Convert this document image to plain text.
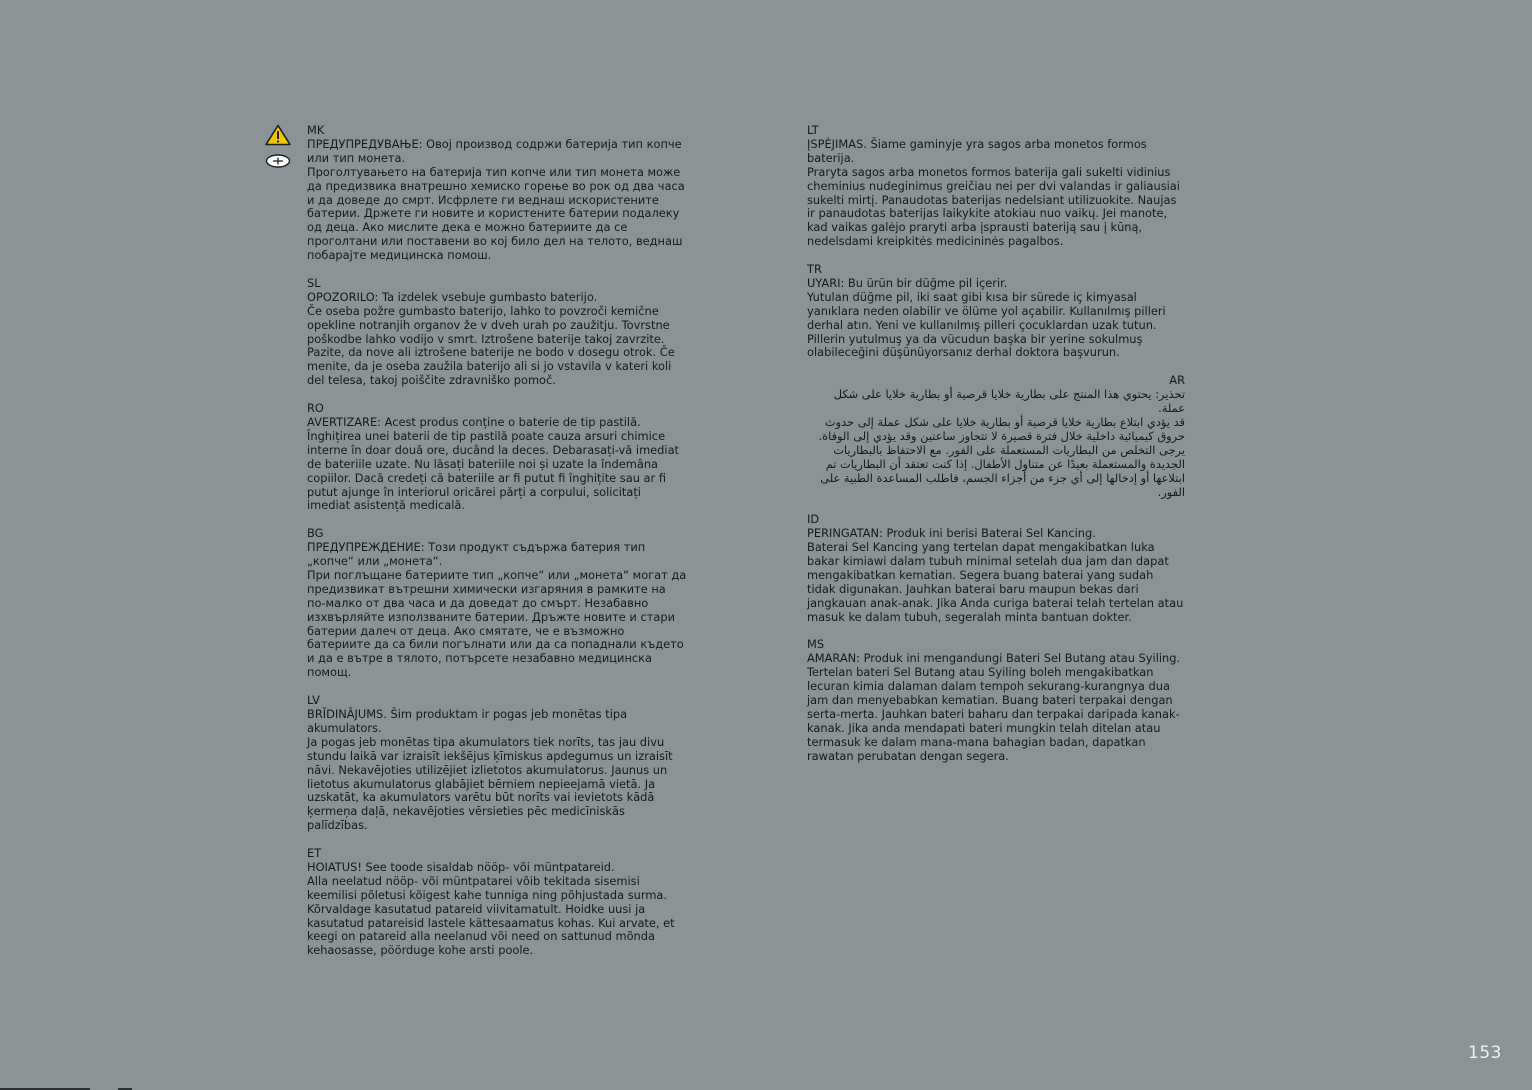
MK

ПРЕДУПРЕДУВАЊЕ: Овој производ содржи батерија тип копче или тип монета.

Проголтувањето на батерија тип копче или тип монета може да предизвика внатрешно хемиско горење во рок од два часа и да доведе до смрт. Исфрлете ги веднаш искористените батерии. Држете ги новите и користените батерии подалеку од деца. Ако мислите дека е можно батериите да се проголтани или поставени во кој било дел на телото, веднаш побарајте медицинска помош.

SL

OPOZORILO: Ta izdelek vsebuje gumbasto baterijo.

Če oseba požre gumbasto baterijo, lahko to povzroči kemične opekline notranjih organov že v dveh urah po zaužitju. Tovrstne poškodbe lahko vodijo v smrt. Iztrošene baterije takoj zavrzite. Pazite, da nove ali iztrošene baterije ne bodo v dosegu otrok. Če menite, da je oseba zaužila baterijo ali si jo vstavila v kateri koli del telesa, takoj poiščite zdravniško pomoč.

RO

AVERTIZARE: Acest produs conține o baterie de tip pastilă.

Înghițirea unei baterii de tip pastilă poate cauza arsuri chimice interne în doar două ore, ducând la deces. Debarasați-vă imediat de bateriile uzate. Nu lăsați bateriile noi și uzate la îndemâna copiilor. Dacă credeți că bateriile ar fi putut fi înghițite sau ar fi putut ajunge în interiorul oricărei părți a corpului, solicitați imediat asistență medicală.

BG

ПРЕДУПРЕЖДЕНИЕ: Този продукт съдържа батерия тип „копче“ или „монета“.

При поглъщане батериите тип „копче“ или „монета“ могат да предизвикат вътрешни химически изгаряния в рамките на по-малко от два часа и да доведат до смърт. Незабавно изхвърляйте използваните батерии. Дръжте новите и стари батерии далеч от деца. Ако смятате, че е възможно батериите да са били погълнати или да са попаднали където и да е вътре в тялото, потърсете незабавно медицинска помощ.

LV

BRĪDINĀJUMS. Šim produktam ir pogas jeb monētas tipa akumulators.

Ja pogas jeb monētas tipa akumulators tiek norīts, tas jau divu stundu laikā var izraisīt iekšējus ķīmiskus apdegumus un izraisīt nāvi. Nekavējoties utilizējiet izlietotos akumulatorus. Jaunus un lietotus akumulatorus glabājiet bērniem nepieejamā vietā. Ja uzskatāt, ka akumulators varētu būt norīts vai ievietots kādā ķermeņa daļā, nekavējoties vērsieties pēc medicīniskās palīdzības.

ET

HOIATUS! See toode sisaldab nööp- või müntpatareid.

Alla neelatud nööp- või müntpatarei võib tekitada sisemisi keemilisi põletusi kõigest kahe tunniga ning põhjustada surma. Kõrvaldage kasutatud patareid viivitamatult. Hoidke uusi ja kasutatud patareisid lastele kättesaamatus kohas. Kui arvate, et keegi on patareid alla neelanud või need on sattunud mõnda kehaosasse, pöörduge kohe arsti poole.

LT

ĮSPĖJIMAS. Šiame gaminyje yra sagos arba monetos formos baterija.

Praryta sagos arba monetos formos baterija gali sukelti vidinius cheminius nudeginimus greičiau nei per dvi valandas ir galiausiai sukelti mirtį. Panaudotas baterijas nedelsiant utilizuokite. Naujas ir panaudotas baterijas laikykite atokiau nuo vaikų. Jei manote, kad vaikas galėjo praryti arba įsprausti bateriją sau į kūną, nedelsdami kreipkitės medicininės pagalbos.

TR

UYARI: Bu ürün bir düğme pil içerir.

Yutulan düğme pil, iki saat gibi kısa bir sürede iç kimyasal yanıklara neden olabilir ve ölüme yol açabilir. Kullanılmış pilleri derhal atın. Yeni ve kullanılmış pilleri çocuklardan uzak tutun. Pillerin yutulmuş ya da vücudun başka bir yerine sokulmuş olabileceğini düşünüyorsanız derhal doktora başvurun.

AR

تحذير: يحتوي هذا المنتج على بطارية خلايا قرصية أو بطارية خلايا على شكل عملة.

قد يؤدي ابتلاع بطارية خلايا قرصية أو بطارية خلايا على شكل عملة إلى حدوث حروق كيميائية داخلية خلال فترة قصيرة لا تتجاوز ساعتين وقد يؤدي إلى الوفاة. يرجى التخلص من البطاريات المستعملة على الفور. مع الاحتفاظ بالبطاريات الجديدة والمستعملة بعيدًا عن متناول الأطفال. إذا كنت تعتقد أن البطاريات تم ابتلاعها أو إدخالها إلى أي جزء من أجزاء الجسم، فاطلب المساعدة الطبية على الفور.

ID

PERINGATAN: Produk ini berisi Baterai Sel Kancing.

Baterai Sel Kancing yang tertelan dapat mengakibatkan luka bakar kimiawi dalam tubuh minimal setelah dua jam dan dapat mengakibatkan kematian. Segera buang baterai yang sudah tidak digunakan. Jauhkan baterai baru maupun bekas dari jangkauan anak-anak. Jika Anda curiga baterai telah tertelan atau masuk ke dalam tubuh, segeralah minta bantuan dokter.

MS

AMARAN: Produk ini mengandungi Bateri Sel Butang atau Syiling.

Tertelan bateri Sel Butang atau Syiling boleh mengakibatkan lecuran kimia dalaman dalam tempoh sekurang-kurangnya dua jam dan menyebabkan kematian. Buang bateri terpakai dengan serta-merta. Jauhkan bateri baharu dan terpakai daripada kanak-kanak. Jika anda mendapati bateri mungkin telah ditelan atau termasuk ke dalam mana-mana bahagian badan, dapatkan rawatan perubatan dengan segera.

153
